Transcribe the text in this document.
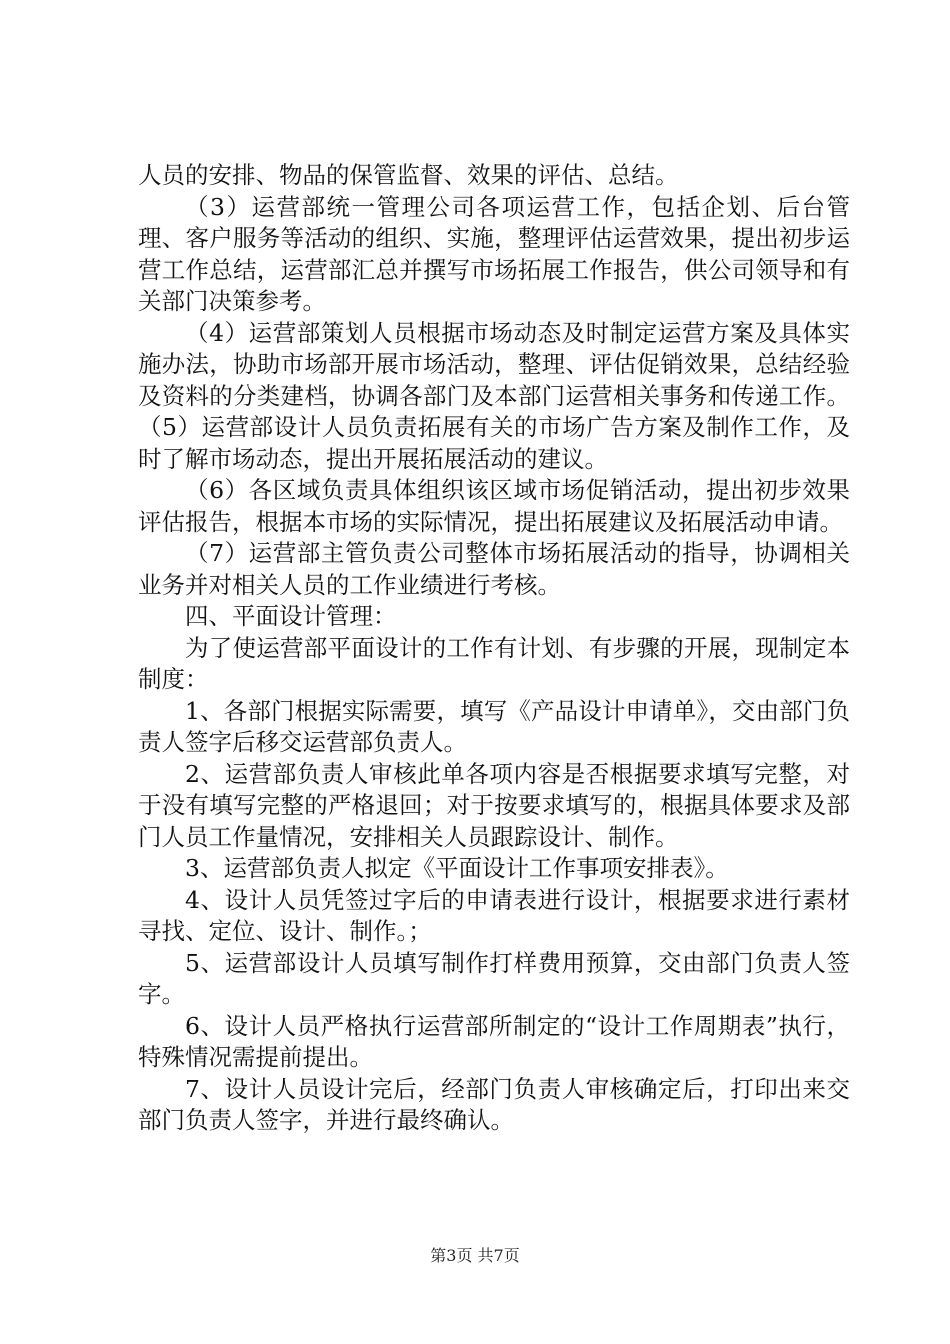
人员的安排、物品的保管监督、效果的评估、总结。

（3）运营部统一管理公司各项运营工作，包括企划、后台管理、客户服务等活动的组织、实施，整理评估运营效果，提出初步运营工作总结，运营部汇总并撰写市场拓展工作报告，供公司领导和有关部门决策参考。

（4）运营部策划人员根据市场动态及时制定运营方案及具体实施办法，协助市场部开展市场活动，整理、评估促销效果，总结经验及资料的分类建档，协调各部门及本部门运营相关事务和传递工作。（5）运营部设计人员负责拓展有关的市场广告方案及制作工作，及时了解市场动态，提出开展拓展活动的建议。

（6）各区域负责具体组织该区域市场促销活动，提出初步效果评估报告，根据本市场的实际情况，提出拓展建议及拓展活动申请。

（7）运营部主管负责公司整体市场拓展活动的指导，协调相关业务并对相关人员的工作业绩进行考核。

四、平面设计管理：

为了使运营部平面设计的工作有计划、有步骤的开展，现制定本制度：

1、各部门根据实际需要，填写《产品设计申请单》，交由部门负责人签字后移交运营部负责人。

2、运营部负责人审核此单各项内容是否根据要求填写完整，对于没有填写完整的严格退回；对于按要求填写的，根据具体要求及部门人员工作量情况，安排相关人员跟踪设计、制作。

3、运营部负责人拟定《平面设计工作事项安排表》。

4、设计人员凭签过字后的申请表进行设计，根据要求进行素材寻找、定位、设计、制作。；

5、运营部设计人员填写制作打样费用预算，交由部门负责人签字。

6、设计人员严格执行运营部所制定的“设计工作周期表”执行，特殊情况需提前提出。

7、设计人员设计完后，经部门负责人审核确定后，打印出来交部门负责人签字，并进行最终确认。

第3页 共7页
